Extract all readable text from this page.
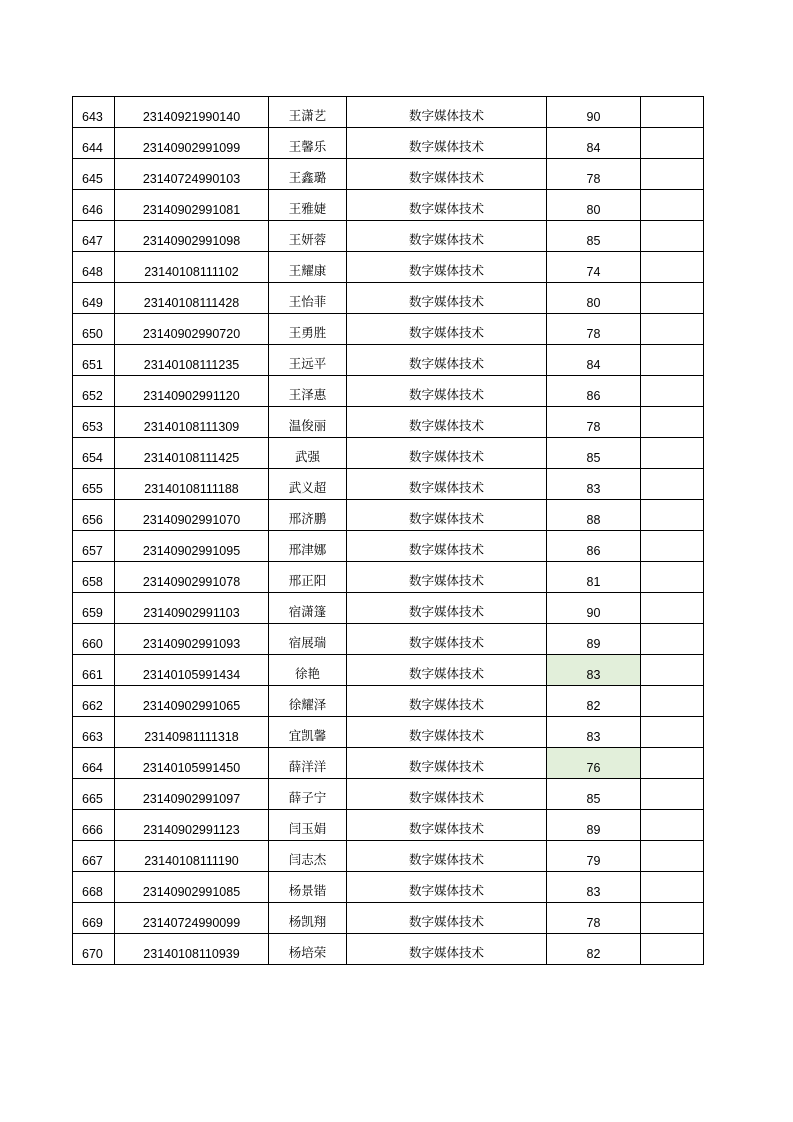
643	23140921990140	王潇艺	数字媒体技术	90	
644	23140902991099	王馨乐	数字媒体技术	84	
645	23140724990103	王鑫璐	数字媒体技术	78	
646	23140902991081	王雅婕	数字媒体技术	80	
647	23140902991098	王妍蓉	数字媒体技术	85	
648	23140108111102	王耀康	数字媒体技术	74	
649	23140108111428	王怡菲	数字媒体技术	80	
650	23140902990720	王勇胜	数字媒体技术	78	
651	23140108111235	王远平	数字媒体技术	84	
652	23140902991120	王泽惠	数字媒体技术	86	
653	23140108111309	温俊丽	数字媒体技术	78	
654	23140108111425	武强	数字媒体技术	85	
655	23140108111188	武义超	数字媒体技术	83	
656	23140902991070	邢济鹏	数字媒体技术	88	
657	23140902991095	邢津娜	数字媒体技术	86	
658	23140902991078	邢正阳	数字媒体技术	81	
659	23140902991103	宿潇篷	数字媒体技术	90	
660	23140902991093	宿展瑞	数字媒体技术	89	
661	23140105991434	徐艳	数字媒体技术	83	
662	23140902991065	徐耀泽	数字媒体技术	82	
663	23140981111318	宜凯馨	数字媒体技术	83	
664	23140105991450	薛洋洋	数字媒体技术	76	
665	23140902991097	薛子宁	数字媒体技术	85	
666	23140902991123	闫玉娟	数字媒体技术	89	
667	23140108111190	闫志杰	数字媒体技术	79	
668	23140902991085	杨景锴	数字媒体技术	83	
669	23140724990099	杨凯翔	数字媒体技术	78	
670	23140108110939	杨培荣	数字媒体技术	82	
